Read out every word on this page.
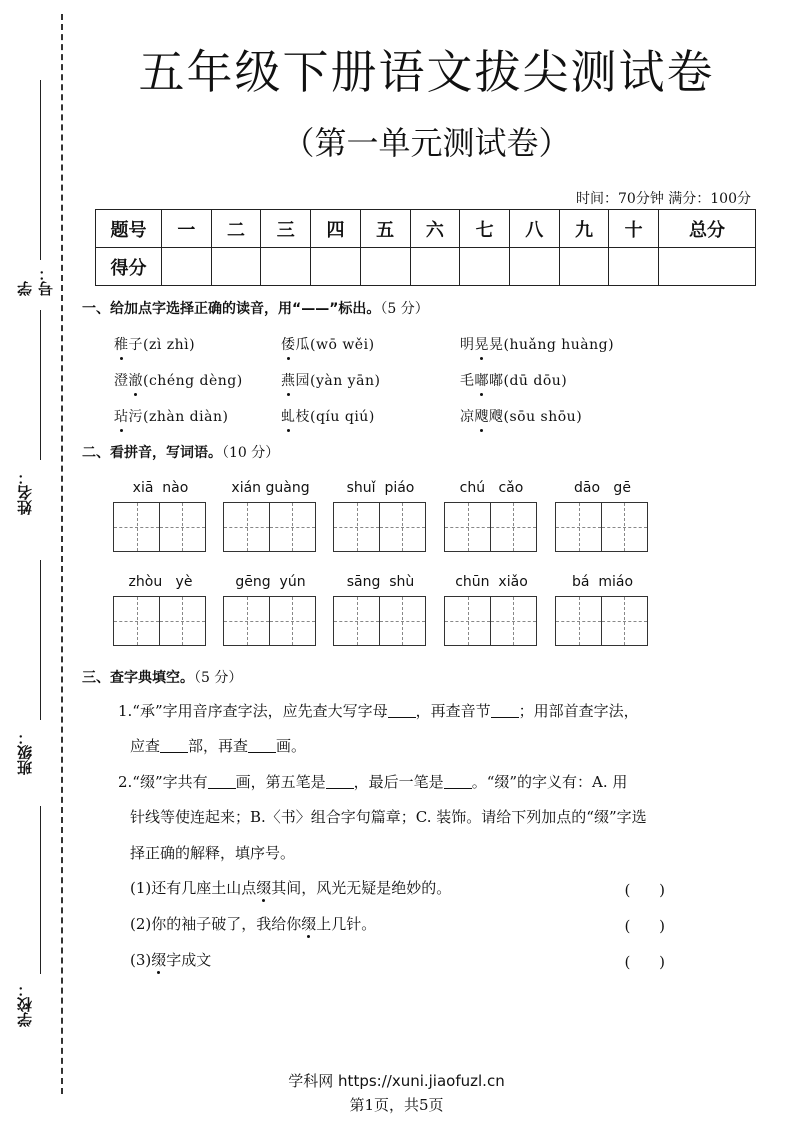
学号：
姓名：
班级：
学校：
五年级下册语文拔尖测试卷
（第一单元测试卷）
时间：70分钟 满分：100分
题号	一	二	三	四	五	六	七	八	九	十	总分
得分											
一、给加点字选择正确的读音，用“——”标出。（5 分）
稚子(zì zhì)	倭瓜(wō wěi)	明晃晃(huǎng huàng)
澄澈(chéng dèng)	燕园(yàn yān)	毛嘟嘟(dū dōu)
玷污(zhàn diàn)	虬枝(qíu qiú)	凉飕飕(sōu shōu)
二、看拼音，写词语。（10 分）
xiā  nào	xián guàng	shuǐ  piáo	chú   cǎo	dāo   gē
zhòu   yè	gēng  yún	sāng  shù	chūn  xiǎo	bá  miáo
三、查字典填空。（5 分）
1.“承”字用音序查字法，应先查大写字母 ，再查音节 ；用部首查字法，
应查 部，再查 画。
2.“缀”字共有 画，第五笔是 ，最后一笔是 。“缀”的字义有：A. 用
针线等使连起来；B.〈书〉组合字句篇章；C. 装饰。请给下列加点的“缀”字选
择正确的解释，填序号。
(1)还有几座土山点缀其间，风光无疑是绝妙的。	( )
(2)你的袖子破了，我给你缀上几针。	( )
(3)缀字成文	( )
学科网 https://xuni.jiaofuzl.cn
第1页，共5页
